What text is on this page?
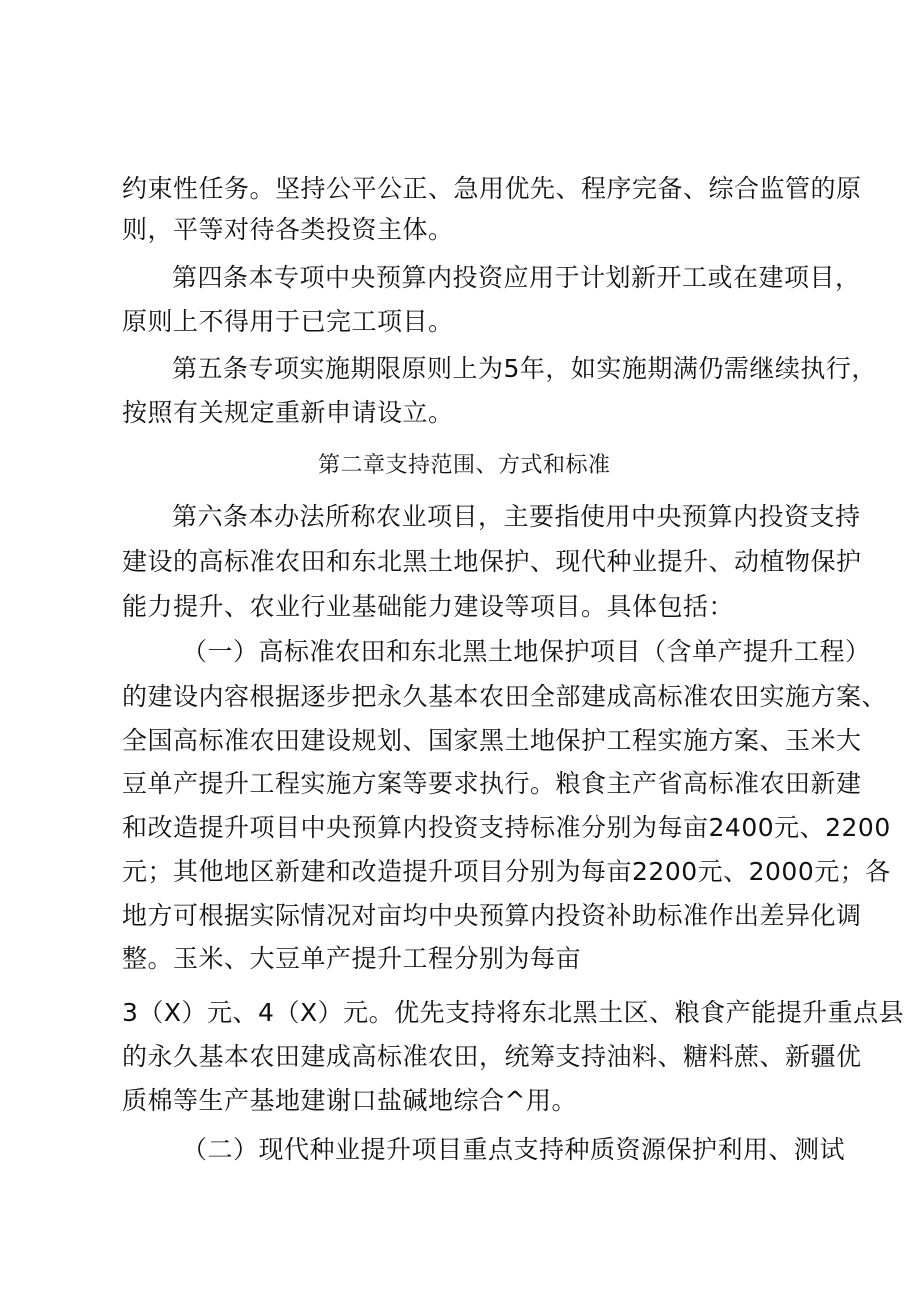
约束性任务。坚持公平公正、急用优先、程序完备、综合监管的原

则，平等对待各类投资主体。

第四条本专项中央预算内投资应用于计划新开工或在建项目，

原则上不得用于已完工项目。

第五条专项实施期限原则上为5年，如实施期满仍需继续执行，

按照有关规定重新申请设立。

第二章支持范围、方式和标准

第六条本办法所称农业项目，主要指使用中央预算内投资支持

建设的高标准农田和东北黑土地保护、现代种业提升、动植物保护

能力提升、农业行业基础能力建设等项目。具体包括：

（一）高标准农田和东北黑土地保护项目（含单产提升工程）

的建设内容根据逐步把永久基本农田全部建成高标准农田实施方案、

全国高标准农田建设规划、国家黑土地保护工程实施方案、玉米大

豆单产提升工程实施方案等要求执行。粮食主产省高标准农田新建

和改造提升项目中央预算内投资支持标准分别为每亩2400元、2200

元；其他地区新建和改造提升项目分别为每亩2200元、2000元；各

地方可根据实际情况对亩均中央预算内投资补助标准作出差异化调

整。玉米、大豆单产提升工程分别为每亩

3（X）元、4（X）元。优先支持将东北黑土区、粮食产能提升重点县

的永久基本农田建成高标准农田，统筹支持油料、糖料蔗、新疆优

质棉等生产基地建谢口盐碱地综合^用。

（二）现代种业提升项目重点支持种质资源保护利用、测试
